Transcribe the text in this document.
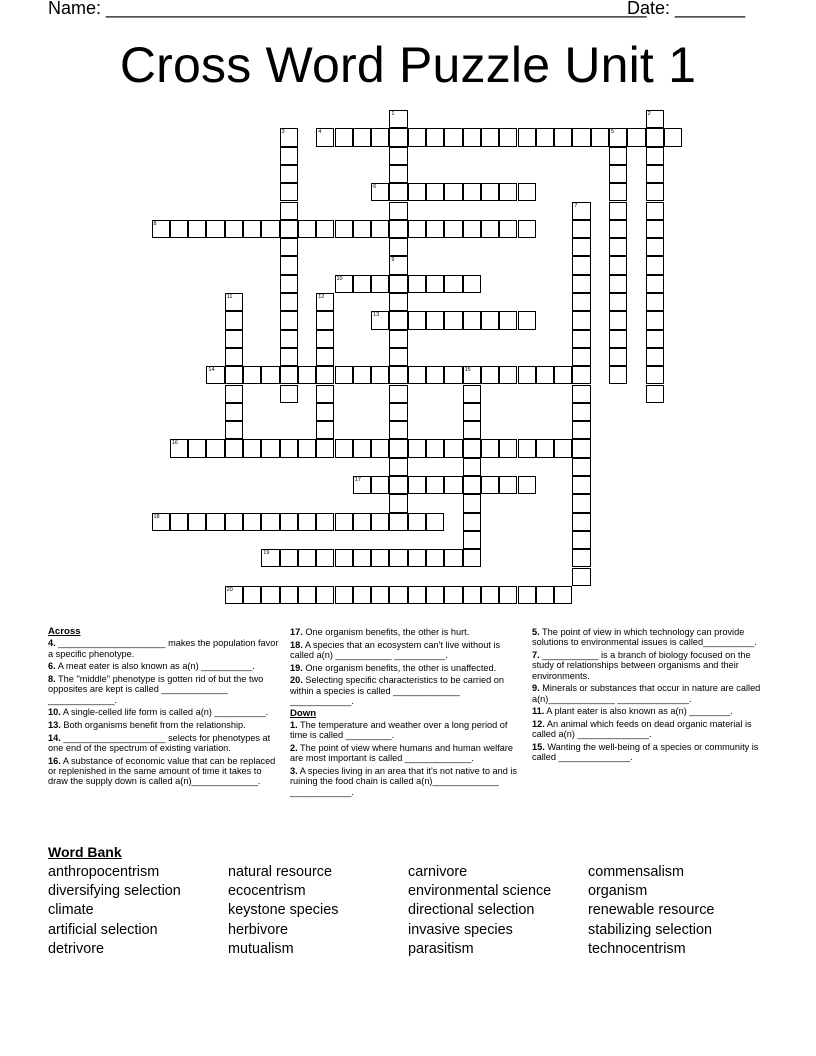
Name: ______________________________________________________
Date: _______
Cross Word Puzzle Unit 1
1
9
2
3	4	5
6
7
8
10
11	12
13
14	15
16
17
18
19
20
Across
4. _____________________ makes the population favor a specific phenotype.
6. A meat eater is also known as a(n) __________.
8. The "middle" phenotype is gotten rid of but the two opposites are kept is called _____________ _____________.
10. A single-celled life form is called a(n) __________.
13. Both organisms benefit from the relationship.
14. ____________________ selects for phenotypes at one end of the spectrum of existing variation.
16. A substance of economic value that can be replaced or replenished in the same amount of time it takes to draw the supply down is called a(n)_____________.
17. One organism benefits, the other is hurt.
18. A species that an ecosystem can't live without is called a(n) ___________ __________.
19. One organism benefits, the other is unaffected.
20. Selecting specific characteristics to be carried on within a species is called _____________ ____________.
Down
1. The temperature and weather over a long period of time is called _________.
2. The point of view where humans and human welfare are most important is called _____________.
3. A species living in an area that it's not native to and is ruining the food chain is called a(n)_____________ ____________.
5. The point of view in which technology can provide solutions to environmental issues is called__________.
7. ___________ is a branch of biology focused on the study of relationships between organisms and their environments.
9. Minerals or substances that occur in nature are called a(n)_____________ ______________.
11. A plant eater is also known as a(n) ________.
12. An animal which feeds on dead organic material is called a(n) ______________.
15. Wanting the well-being of a species or community is called ______________.
Word Bank
anthropocentrism
diversifying selection
climate
artificial selection
detrivore
natural resource
ecocentrism
keystone species
herbivore
mutualism
carnivore
environmental science
directional selection
invasive species
parasitism
commensalism
organism
renewable resource
stabilizing selection
technocentrism
